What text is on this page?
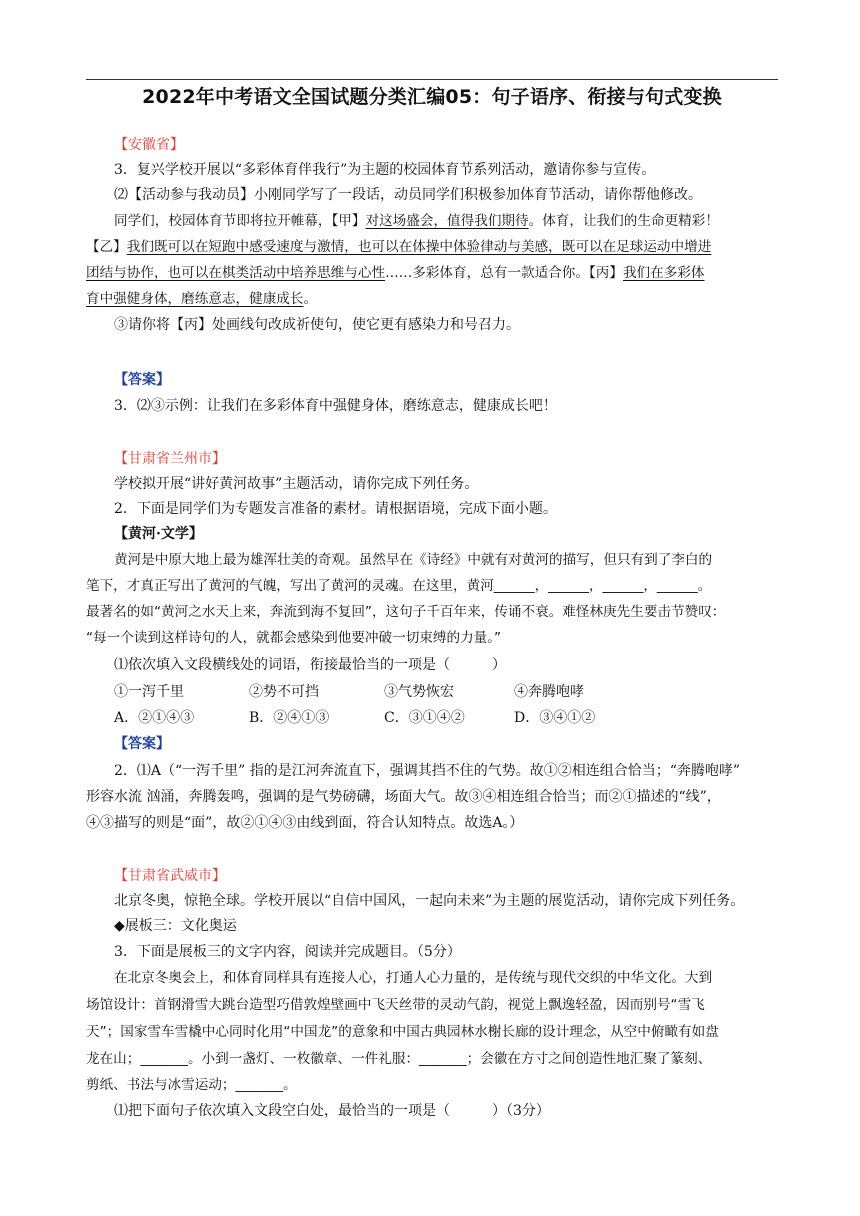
2022年中考语文全国试题分类汇编05：句子语序、衔接与句式变换
【安徽省】
3．复兴学校开展以“多彩体育伴我行”为主题的校园体育节系列活动，邀请你参与宣传。
⑵【活动参与我动员】小刚同学写了一段话，动员同学们积极参加体育节活动，请你帮他修改。
同学们，校园体育节即将拉开帷幕，【甲】对这场盛会，值得我们期待。体育，让我们的生命更精彩！
【乙】我们既可以在短跑中感受速度与激情，也可以在体操中体验律动与美感，既可以在足球运动中增进
团结与协作，也可以在棋类活动中培养思维与心性……多彩体育，总有一款适合你。【丙】我们在多彩体
育中强健身体，磨练意志，健康成长。
③请你将【丙】处画线句改成祈使句，使它更有感染力和号召力。
【答案】
3．⑵③示例：让我们在多彩体育中强健身体，磨练意志，健康成长吧！
【甘肃省兰州市】
学校拟开展“讲好黄河故事”主题活动，请你完成下列任务。
2．下面是同学们为专题发言准备的素材。请根据语境，完成下面小题。
【黄河·文学】
黄河是中原大地上最为雄浑壮美的奇观。虽然早在《诗经》中就有对黄河的描写，但只有到了李白的
笔下，才真正写出了黄河的气魄，写出了黄河的灵魂。在这里，黄河______，______，______，______。
最著名的如“黄河之水天上来，奔流到海不复回”，这句子千百年来，传诵不衰。难怪林庚先生要击节赞叹：
“每一个读到这样诗句的人，就都会感染到他要冲破一切束缚的力量。”
⑴依次填入文段横线处的词语，衔接最恰当的一项是（　　　）
①一泻千里	②势不可挡	③气势恢宏	④奔腾咆哮
A．②①④③	B．②④①③	C．③①④②	D．③④①②
【答案】
2．⑴A（“一泻千里” 指的是江河奔流直下，强调其挡不住的气势。故①②相连组合恰当；“奔腾咆哮”
形容水流 汹涌，奔腾轰鸣，强调的是气势磅礴，场面大气。故③④相连组合恰当；而②①描述的“线”，
④③描写的则是“面”，故②①④③由线到面，符合认知特点。故选A。）
【甘肃省武威市】
北京冬奥，惊艳全球。学校开展以“自信中国风，一起向未来”为主题的展览活动，请你完成下列任务。
◆展板三：文化奥运
3．下面是展板三的文字内容，阅读并完成题目。（5分）
在北京冬奥会上，和体育同样具有连接人心，打通人心力量的，是传统与现代交织的中华文化。大到
场馆设计：首钢滑雪大跳台造型巧借敦煌壁画中飞天丝带的灵动气韵，视觉上飘逸轻盈，因而别号“雪飞
天”；国家雪车雪橇中心同时化用“中国龙”的意象和中国古典园林水榭长廊的设计理念，从空中俯瞰有如盘
龙在山；_______。小到一盏灯、一枚徽章、一件礼服：_______；会徽在方寸之间创造性地汇聚了篆刻、
剪纸、书法与冰雪运动；_______。
⑴把下面句子依次填入文段空白处，最恰当的一项是（　　　）（3分）
